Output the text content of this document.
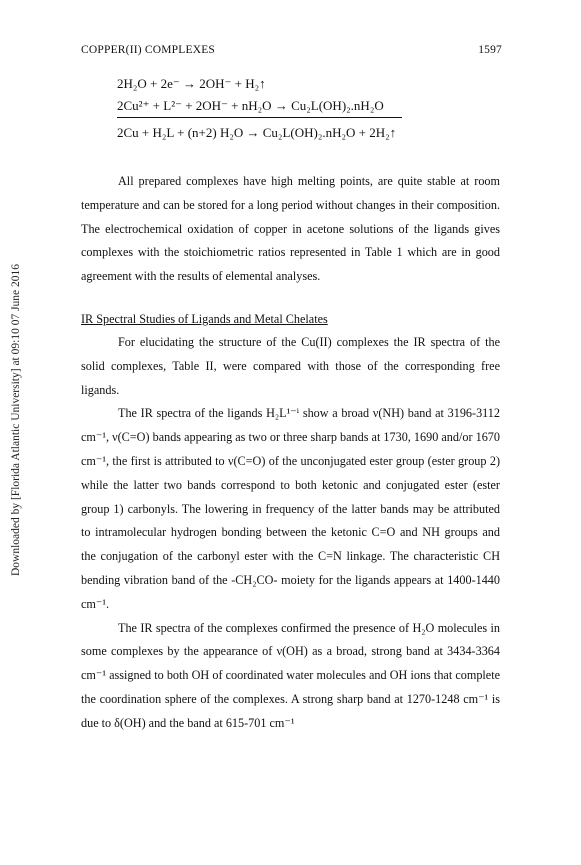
Downloaded by [Florida Atlantic University] at 09:10 07 June 2016
COPPER(II) COMPLEXES	1597
2H₂O + 2e⁻ → 2OH⁻ + H₂↑
2Cu²⁺ + L²⁻ + 2OH⁻ + nH₂O → Cu₂L(OH)₂.nH₂O
2Cu + H₂L + (n+2) H₂O → Cu₂L(OH)₂.nH₂O + 2H₂↑

All prepared complexes have high melting points, are quite stable at room temperature and can be stored for a long period without changes in their composition. The electrochemical oxidation of copper in acetone solutions of the ligands gives complexes with the stoichiometric ratios represented in Table 1 which are in good agreement with the results of elemental analyses.

IR Spectral Studies of Ligands and Metal Chelates

For elucidating the structure of the Cu(II) complexes the IR spectra of the solid complexes, Table II, were compared with those of the corresponding free ligands.

The IR spectra of the ligands H₂L¹⁻ⁱ show a broad ν(NH) band at 3196-3112 cm⁻¹, ν(C=O) bands appearing as two or three sharp bands at 1730, 1690 and/or 1670 cm⁻¹, the first is attributed to ν(C=O) of the unconjugated ester group (ester group 2) while the latter two bands correspond to both ketonic and conjugated ester (ester group 1) carbonyls. The lowering in frequency of the latter bands may be attributed to intramolecular hydrogen bonding between the ketonic C=O and NH groups and the conjugation of the carbonyl ester with the C=N linkage. The characteristic CH bending vibration band of the -CH₂CO- moiety for the ligands appears at 1400-1440 cm⁻¹.

The IR spectra of the complexes confirmed the presence of H₂O molecules in some complexes by the appearance of ν(OH) as a broad, strong band at 3434-3364 cm⁻¹ assigned to both OH of coordinated water molecules and OH ions that complete the coordination sphere of the complexes. A strong sharp band at 1270-1248 cm⁻¹ is due to δ(OH) and the band at 615-701 cm⁻¹
